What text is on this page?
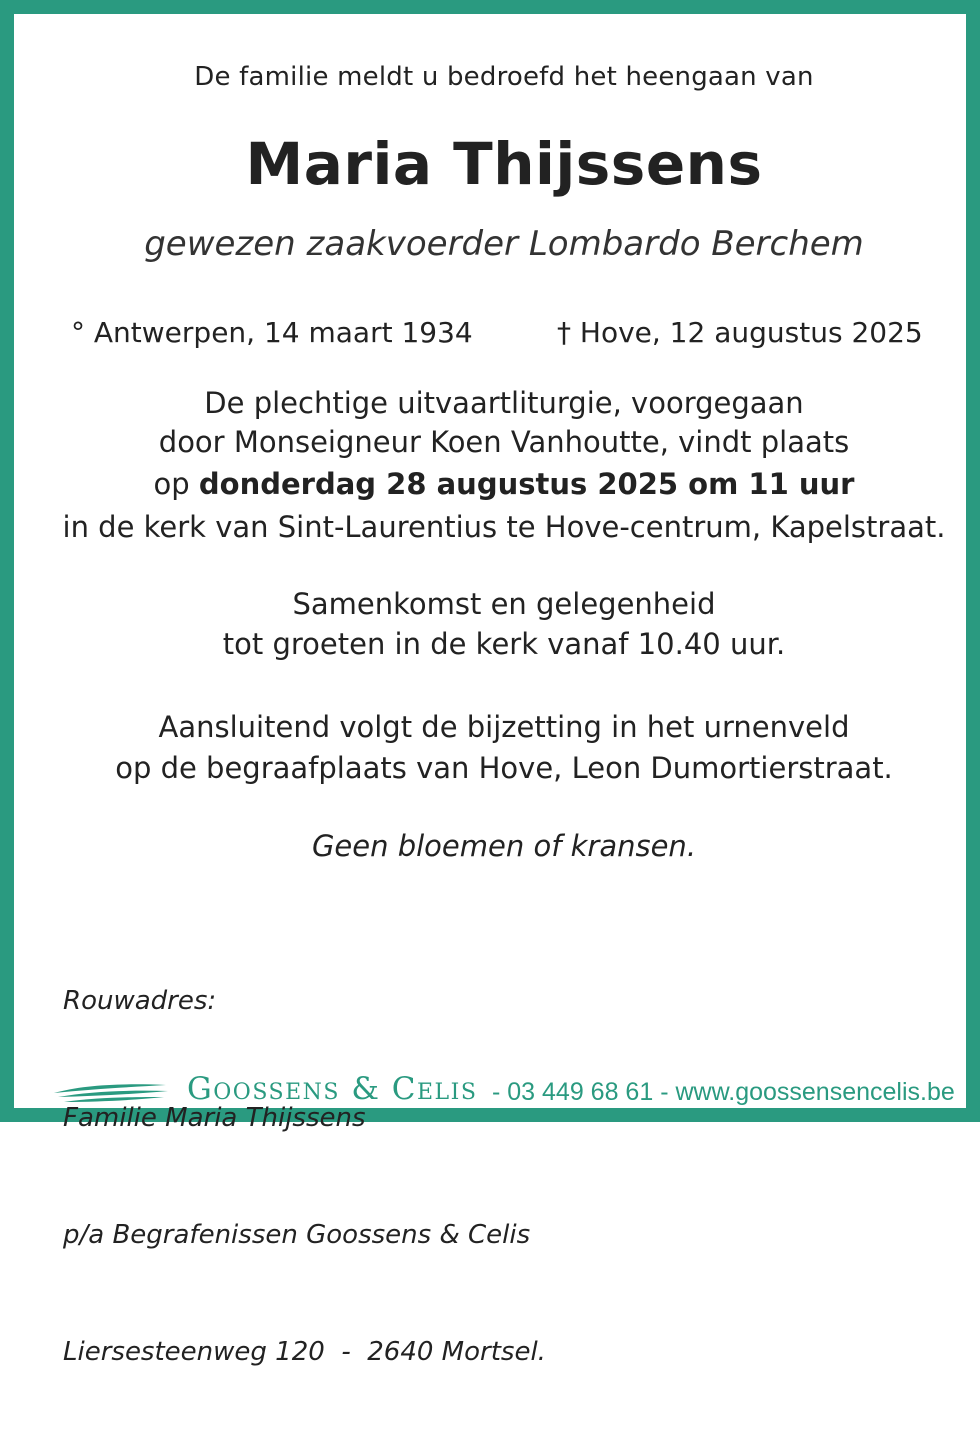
De familie meldt u bedroefd het heengaan van
Maria Thijssens
gewezen zaakvoerder Lombardo Berchem
° Antwerpen, 14 maart 1934	† Hove, 12 augustus 2025
De plechtige uitvaartliturgie, voorgegaan
door Monseigneur Koen Vanhoutte, vindt plaats
op donderdag 28 augustus 2025 om 11 uur
in de kerk van Sint-Laurentius te Hove-centrum, Kapelstraat.
Samenkomst en gelegenheid
tot groeten in de kerk vanaf 10.40 uur.
Aansluitend volgt de bijzetting in het urnenveld
op de begraafplaats van Hove, Leon Dumortierstraat.
Geen bloemen of kransen.

Rouwadres:

Familie Maria Thijssens

p/a Begrafenissen Goossens & Celis

Liersesteenweg 120  -  2640 Mortsel.

Goossens & Celis - 03 449 68 61 - www.goossensencelis.be
